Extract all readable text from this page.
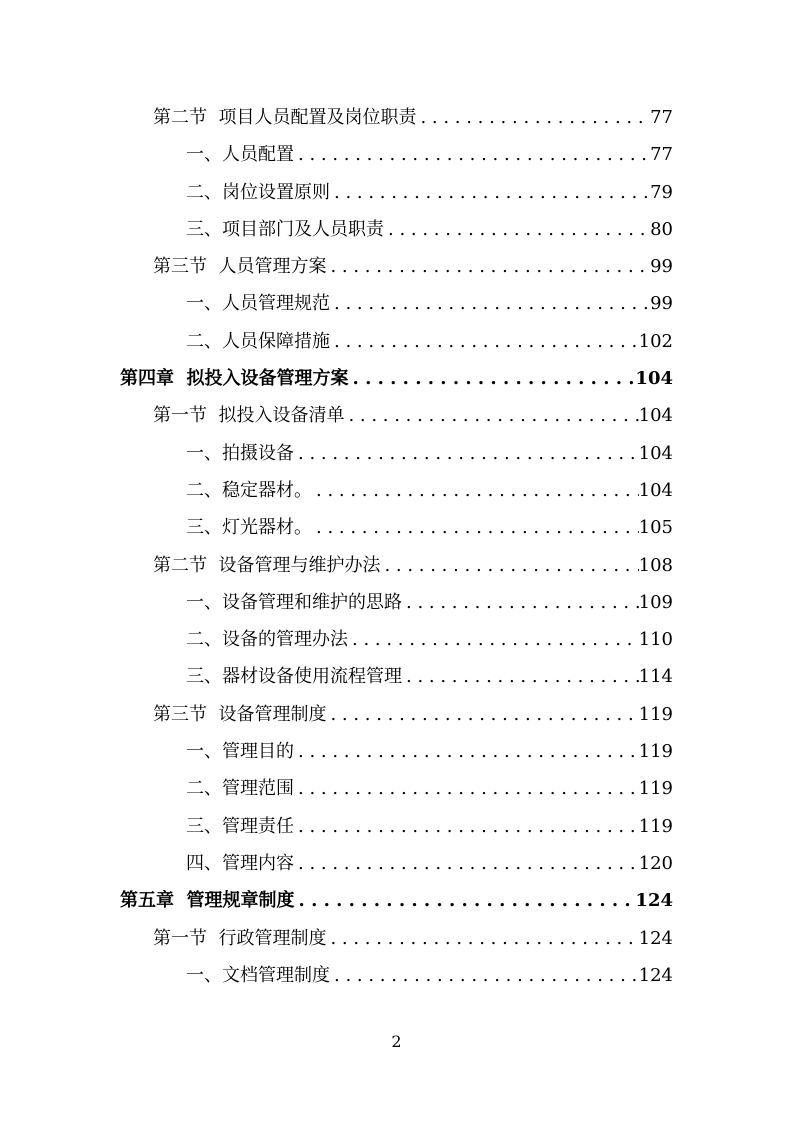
第二节  项目人员配置及岗位职责 . . .	77
一、人员配置 . . .	77
二、岗位设置原则 . . .	79
三、项目部门及人员职责 . . .	80
第三节  人员管理方案 . . .	99
一、人员管理规范 . . .	99
二、人员保障措施 . . .	102
第四章  拟投入设备管理方案 . . .	104
第一节  拟投入设备清单 . . .	104
一、拍摄设备 . . .	104
二、稳定器材。 . . .	104
三、灯光器材。 . . .	105
第二节  设备管理与维护办法 . . .	108
一、设备管理和维护的思路 . . .	109
二、设备的管理办法 . . .	110
三、器材设备使用流程管理 . . .	114
第三节  设备管理制度 . . .	119
一、管理目的 . . .	119
二、管理范围 . . .	119
三、管理责任 . . .	119
四、管理内容 . . .	120
第五章  管理规章制度 . . .	124
第一节  行政管理制度 . . .	124
一、文档管理制度 . . .	124
2
